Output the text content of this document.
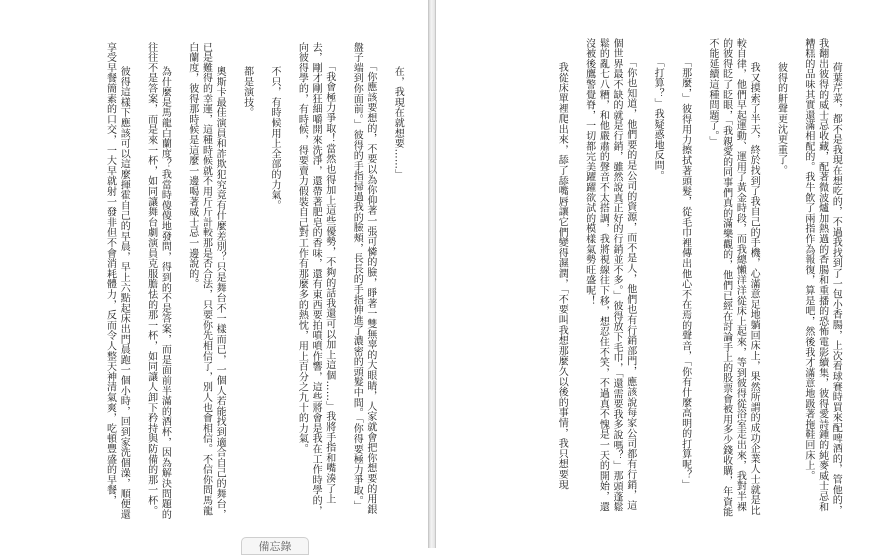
　在，我現在就想要……」

　「你應該要想的，不要以為你仰著一張可憐的臉，睜著一雙無辜的大眼睛，人家就會把你想要的用銀盤子端到你面前。」彼得的手指掃過我的臉頰，長長的手指伸進了濃密的頭髮中間。「你得要極力爭取。」

　「我會極力爭取！當然也得加上這些優勢，不夠的話我還可以加上這個……」我將手指和嘴湊了上去，剛才剛狂細嚼開來洗淨，還帶著肥皂的香味，還有東西要拍噴噴作響，這些將會是我在工作時學的，向彼得學的，有時候，得要賣力假裝自己對工作有那麼多的熱忱，用上百分之九十的力氣。

　不只，有時候用上全部的力氣。

　都是演技。

　奧斯卡最佳演員和詐欺犯究竟有什麼差別？只是舞台不一樣而已，一個人若能找到適合自己的舞台，已是難得的幸運，這種時候就不用斤斤計較那是否合法，只要你先相信了，別人也會相信。不信你問馬龍白蘭度，彼得那時候是這麼一邊喝著威士忌一邊說的。

　為什麼是馬龍白蘭度？我當時傻傻地發問，得到的不是答案，而是面前半滿的酒杯，因為解決問題的往往不是答案，而是來一杯，如同讓舞台劇演員克服膽怯的那一杯，如同讓人卸下矜持與防備的那一杯。

　彼得這樣下應該可以這麼揮霍自己的早晨，早上六點起床出門晨跑一個小時，回到家洗個澡，順便還享受早餐簡素的口交，一大早就射一發非但不會消耗體力，反而令人整天神清氣爽，吃頓豐盛的早餐，

	　荷葉芹菜，都不是我現在想吃的，不過我找到了一包小香腸，上次看球賽時買來配啤酒的，管他的，我翻出彼得的威士忌收藏，配著微波爐加熱過的香腸和重播的恐怖電影續集，彼得愛詩鍾的純麥威士忌和糟糕的品味其實還滿相配的。我牛飲了兩指作為報復，算是吧，然後我才滿意地趿著拖鞋回床上。

　彼得的鼾聲更沈更重了。

　我又摸索了半天，終於找到了我自己的手機，心滿意足地躺回床上，果然所謂的成功企業人士就是比較自律，他們早起運動、運用了黃金時段，而我總懶洋洋從床上起來，等到彼得從浴室走出來，我對半裸的彼得眨了眨眼，「我親愛的同事們真的滿樂觀的，他們已經在討論手上的股票會被用多少錢收購，年資能不能延續這種問題了。」

　「那麼，」彼得用力擦拭著頭髮，從毛巾裡傳出他心不在焉的聲音，「你有什麼高明的打算呢？」

　「打算？」我疑惑地反問。

　「你也知道，他們要的是公司的資源，而不是人，他們也有行銷部門，應該說每家公司都有行銷，這個世界最不缺的就是行銷，雖然說真正好的行銷並不多。」彼得放下毛巾，「還需要我多說嗎？」那頭蓬鬆鬆的亂七八糟，和他嚴肅的聲音不太搭調，我將視線往下移，想忍住不笑，不過真不愧是一天的開始，還沒被後鷹警覺脊，一切都完美躍躍欲試的模樣氣勢旺盛呢！

　我從床單裡爬出來，舔了舔嘴唇讓它們變得濕潤，「不要叫我想那麼久以後的事情，我只想要現

備忘錄
